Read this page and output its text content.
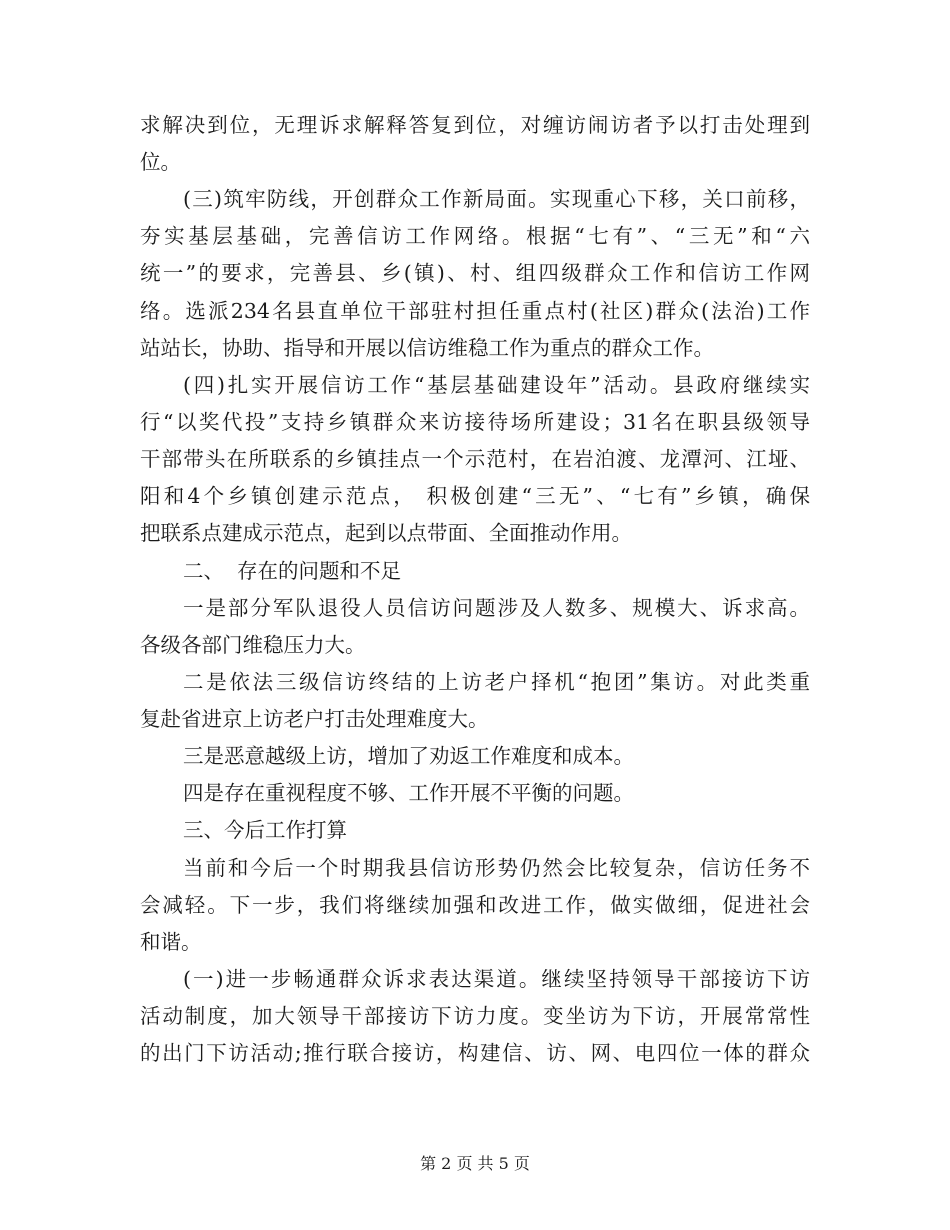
求解决到位，无理诉求解释答复到位，对缠访闹访者予以打击处理到
位。
(三)筑牢防线，开创群众工作新局面。实现重心下移，关口前移，
夯实基层基础，完善信访工作网络。根据“七有”、“三无”和“六
统一”的要求，完善县、乡(镇)、村、组四级群众工作和信访工作网
络。选派234名县直单位干部驻村担任重点村(社区)群众(法治)工作
站站长，协助、指导和开展以信访维稳工作为重点的群众工作。
(四)扎实开展信访工作“基层基础建设年”活动。县政府继续实
行“以奖代投”支持乡镇群众来访接待场所建设；31名在职县级领导
干部带头在所联系的乡镇挂点一个示范村，在岩泊渡、龙潭河、江垭、
阳和4个乡镇创建示范点， 积极创建“三无”、“七有”乡镇，确保
把联系点建成示范点，起到以点带面、全面推动作用。
二、  存在的问题和不足
一是部分军队退役人员信访问题涉及人数多、规模大、诉求高。
各级各部门维稳压力大。
二是依法三级信访终结的上访老户择机“抱团”集访。对此类重
复赴省进京上访老户打击处理难度大。
三是恶意越级上访，增加了劝返工作难度和成本。
四是存在重视程度不够、工作开展不平衡的问题。
三、今后工作打算
当前和今后一个时期我县信访形势仍然会比较复杂，信访任务不
会减轻。下一步，我们将继续加强和改进工作，做实做细，促进社会
和谐。
(一)进一步畅通群众诉求表达渠道。继续坚持领导干部接访下访
活动制度，加大领导干部接访下访力度。变坐访为下访，开展常常性
的出门下访活动;推行联合接访，构建信、访、网、电四位一体的群众
第 2 页 共 5 页
